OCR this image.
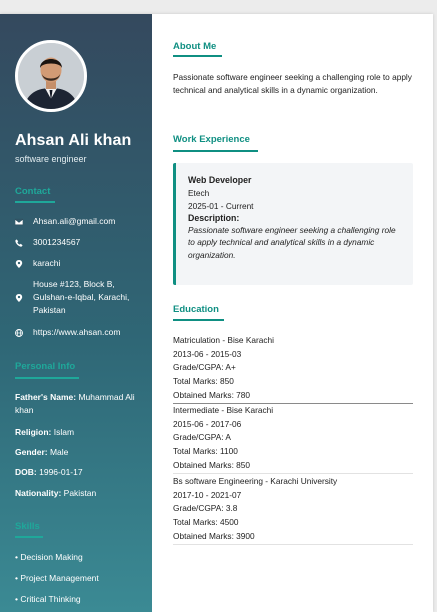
Ahsan Ali khan
software engineer
Contact
Ahsan.ali@gmail.com
3001234567
karachi
House #123, Block B, Gulshan-e-Iqbal, Karachi, Pakistan
https://www.ahsan.com
Personal Info
Father's Name: Muhammad Ali khan
Religion: Islam
Gender: Male
DOB: 1996-01-17
Nationality: Pakistan
Skills
• Decision Making
• Project Management
• Critical Thinking
About Me
Passionate software engineer seeking a challenging role to apply technical and analytical skills in a dynamic organization.
Work Experience
Web Developer
Etech
2025-01 - Current
Description:
Passionate software engineer seeking a challenging role to apply technical and analytical skills in a dynamic organization.
Education
Matriculation - Bise Karachi
2013-06 - 2015-03
Grade/CGPA: A+
Total Marks: 850
Obtained Marks: 780
Intermediate - Bise Karachi
2015-06 - 2017-06
Grade/CGPA: A
Total Marks: 1100
Obtained Marks: 850
Bs software Engineering - Karachi University
2017-10 - 2021-07
Grade/CGPA: 3.8
Total Marks: 4500
Obtained Marks: 3900
